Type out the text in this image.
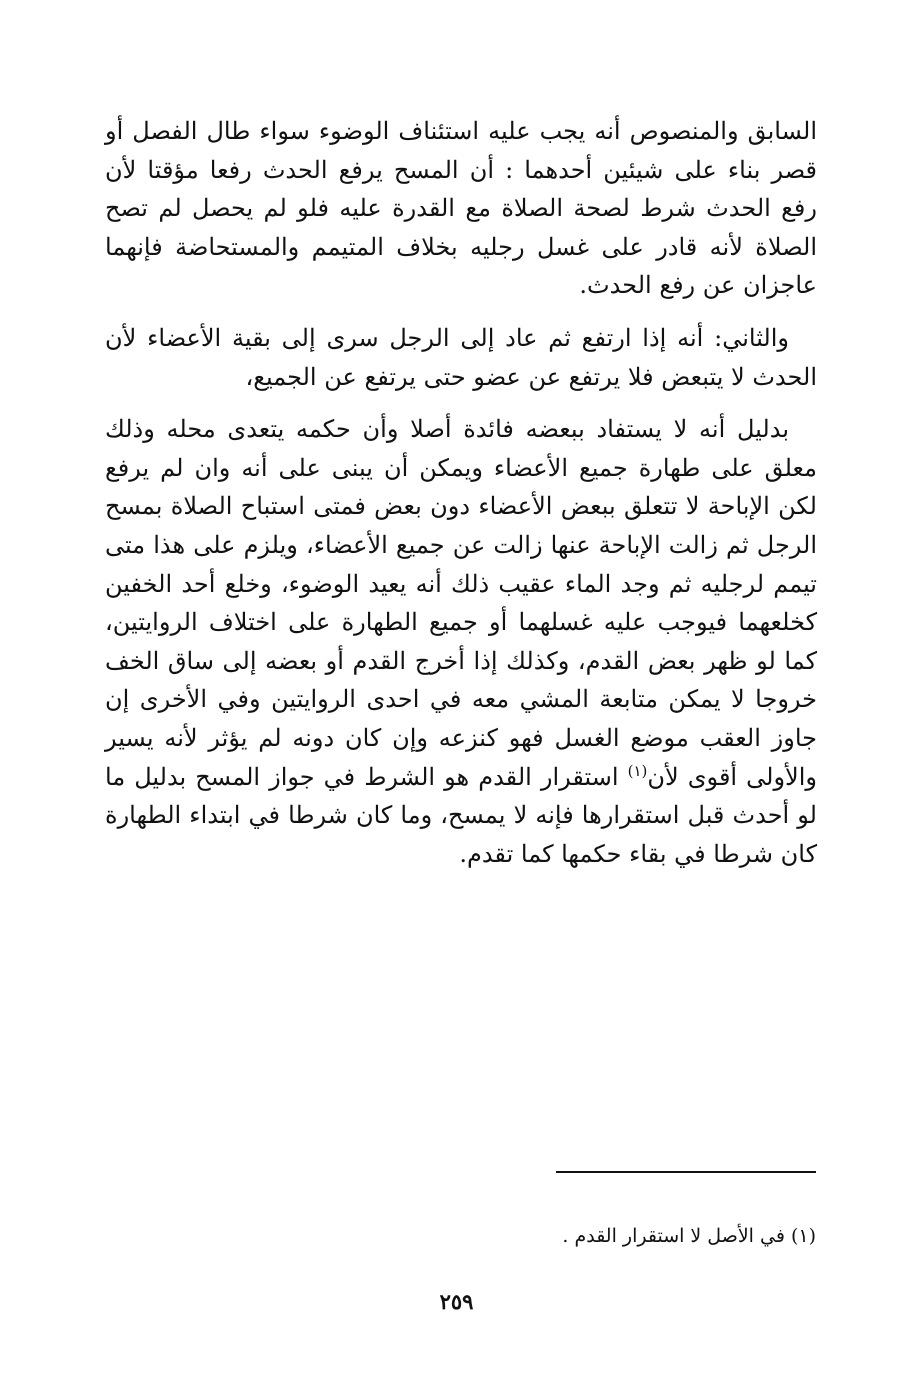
السابق والمنصوص أنه يجب عليه استئناف الوضوء سواء طال الفصل أو قصر بناء على شيئين أحدهما : أن المسح يرفع الحدث رفعا مؤقتا لأن رفع الحدث شرط لصحة الصلاة مع القدرة عليه فلو لم يحصل لم تصح الصلاة لأنه قادر على غسل رجليه بخلاف المتيمم والمستحاضة فإنهما عاجزان عن رفع الحدث.

والثاني: أنه إذا ارتفع ثم عاد إلى الرجل سرى إلى بقية الأعضاء لأن الحدث لا يتبعض فلا يرتفع عن عضو حتى يرتفع عن الجميع،

بدليل أنه لا يستفاد ببعضه فائدة أصلا وأن حكمه يتعدى محله وذلك معلق على طهارة جميع الأعضاء ويمكن أن يبنى على أنه وان لم يرفع لكن الإباحة لا تتعلق ببعض الأعضاء دون بعض فمتى استباح الصلاة بمسح الرجل ثم زالت الإباحة عنها زالت عن جميع الأعضاء، ويلزم على هذا متى تيمم لرجليه ثم وجد الماء عقيب ذلك أنه يعيد الوضوء، وخلع أحد الخفين كخلعهما فيوجب عليه غسلهما أو جميع الطهارة على اختلاف الروايتين، كما لو ظهر بعض القدم، وكذلك إذا أخرج القدم أو بعضه إلى ساق الخف خروجا لا يمكن متابعة المشي معه في احدى الروايتين وفي الأخرى إن جاوز العقب موضع الغسل فهو كنزعه وإن كان دونه لم يؤثر لأنه يسير والأولى أقوى لأن$^{(١)}$ استقرار القدم هو الشرط في جواز المسح بدليل ما لو أحدث قبل استقرارها فإنه لا يمسح، وما كان شرطا في ابتداء الطهارة كان شرطا في بقاء حكمها كما تقدم.

(١) في الأصل لا استقرار القدم .

٢٥٩
